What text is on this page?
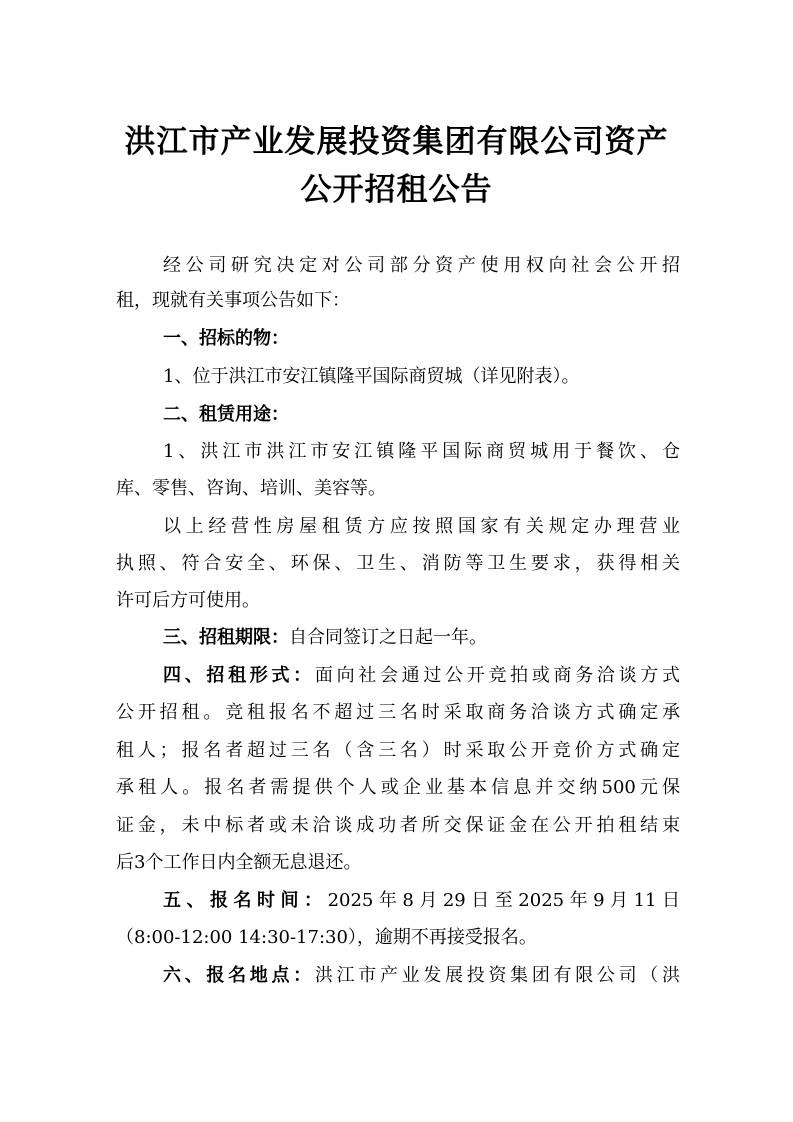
洪江市产业发展投资集团有限公司资产
公开招租公告
经公司研究决定对公司部分资产使用权向社会公开招
租，现就有关事项公告如下：
一、招标的物：
1、位于洪江市安江镇隆平国际商贸城（详见附表）。
二、租赁用途：
1、洪江市洪江市安江镇隆平国际商贸城用于餐饮、仓
库、零售、咨询、培训、美容等。
以上经营性房屋租赁方应按照国家有关规定办理营业
执照、符合安全、环保、卫生、消防等卫生要求，获得相关
许可后方可使用。
三、招租期限：自合同签订之日起一年。
四、招租形式：面向社会通过公开竞拍或商务洽谈方式
公开招租。竞租报名不超过三名时采取商务洽谈方式确定承
租人；报名者超过三名（含三名）时采取公开竞价方式确定
承租人。报名者需提供个人或企业基本信息并交纳500元保
证金，未中标者或未洽谈成功者所交保证金在公开拍租结束
后3个工作日内全额无息退还。
五、报名时间：2025年8月29日至2025年9月11日
（8:00-12:00 14:30-17:30），逾期不再接受报名。
六、报名地点：洪江市产业发展投资集团有限公司（洪
